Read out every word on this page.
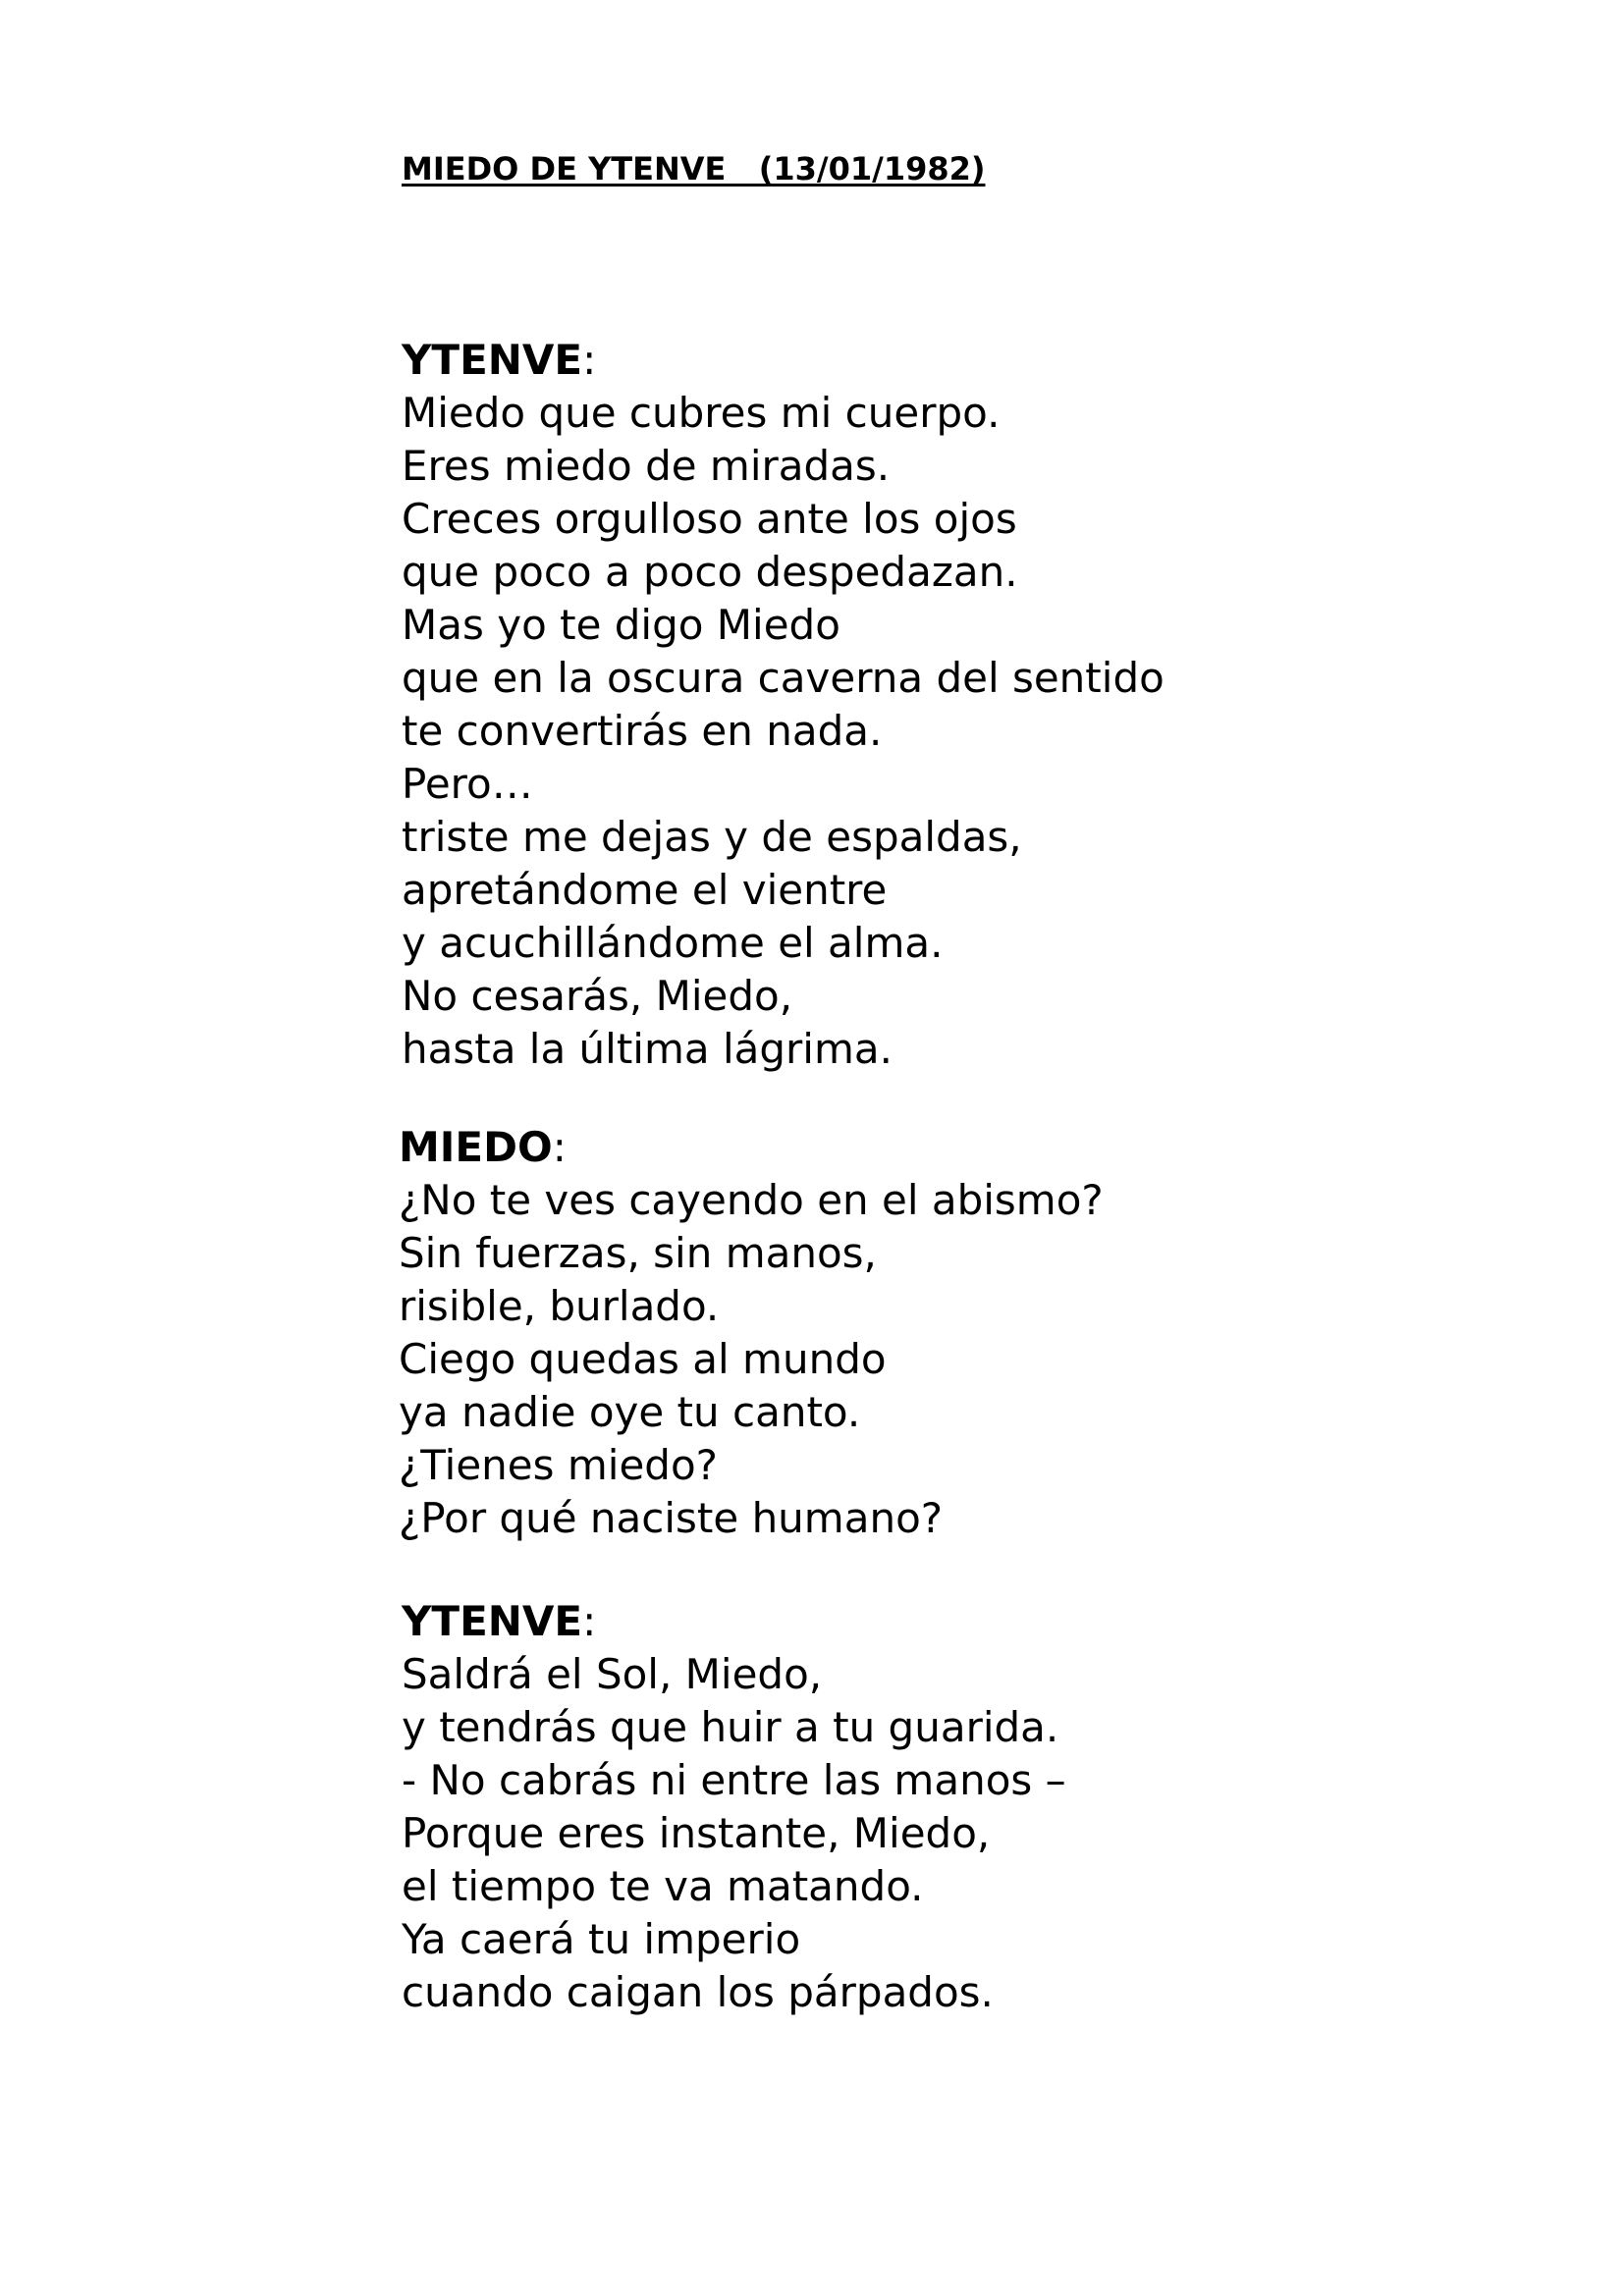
MIEDO DE YTENVE   (13/01/1982)
YTENVE:
Miedo que cubres mi cuerpo.
Eres miedo de miradas.
Creces orgulloso ante los ojos
que poco a poco despedazan.
Mas yo te digo Miedo
que en la oscura caverna del sentido
te convertirás en nada.
Pero…
triste me dejas y de espaldas,
apretándome el vientre
y acuchillándome el alma.
No cesarás, Miedo,
hasta la última lágrima.
MIEDO:
¿No te ves cayendo en el abismo?
Sin fuerzas, sin manos,
risible, burlado.
Ciego quedas al mundo
ya nadie oye tu canto.
¿Tienes miedo?
¿Por qué naciste humano?
YTENVE:
Saldrá el Sol, Miedo,
y tendrás que huir a tu guarida.
- No cabrás ni entre las manos –
Porque eres instante, Miedo,
el tiempo te va matando.
Ya caerá tu imperio
cuando caigan los párpados.
